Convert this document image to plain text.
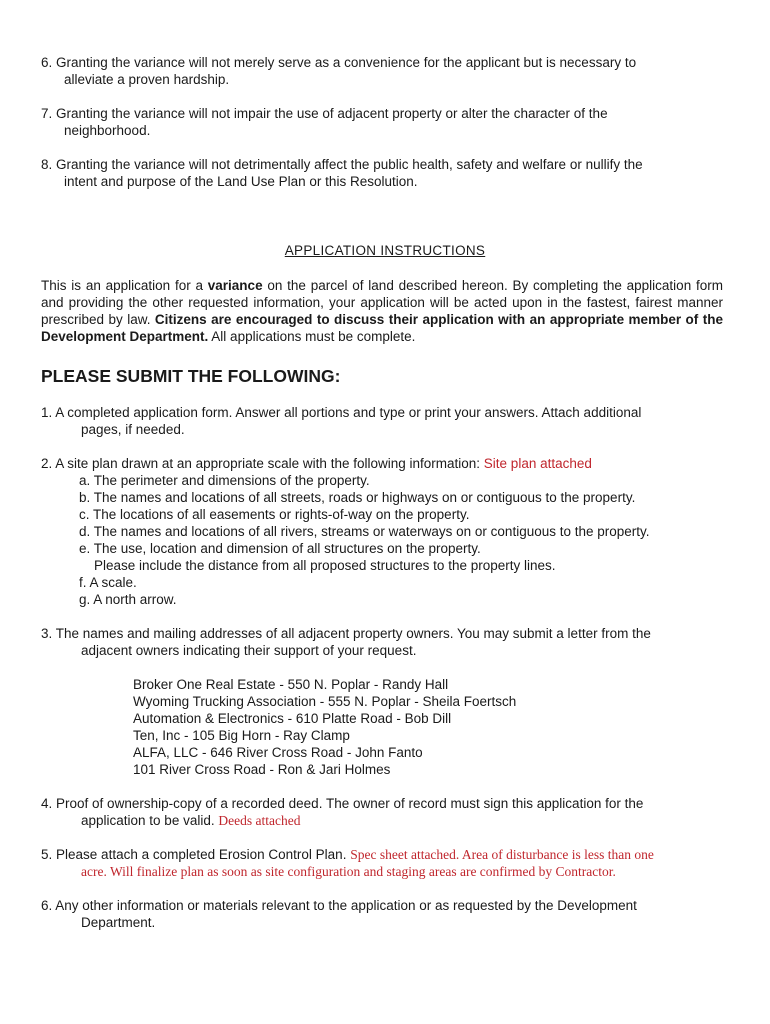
6. Granting the variance will not merely serve as a convenience for the applicant but is necessary to
alleviate a proven hardship.
7. Granting the variance will not impair the use of adjacent property or alter the character of the
neighborhood.
8. Granting the variance will not detrimentally affect the public health, safety and welfare or nullify the
intent and purpose of the Land Use Plan or this Resolution.
APPLICATION INSTRUCTIONS
This is an application for a variance on the parcel of land described hereon. By completing the application form and providing the other requested information, your application will be acted upon in the fastest, fairest manner prescribed by law. Citizens are encouraged to discuss their application with an appropriate member of the Development Department. All applications must be complete.
PLEASE SUBMIT THE FOLLOWING:
1. A completed application form. Answer all portions and type or print your answers. Attach additional
pages, if needed.
2. A site plan drawn at an appropriate scale with the following information: Site plan attached
a. The perimeter and dimensions of the property.
b. The names and locations of all streets, roads or highways on or contiguous to the property.
c. The locations of all easements or rights-of-way on the property.
d. The names and locations of all rivers, streams or waterways on or contiguous to the property.
e. The use, location and dimension of all structures on the property.
Please include the distance from all proposed structures to the property lines.
f. A scale.
g. A north arrow.
3. The names and mailing addresses of all adjacent property owners. You may submit a letter from the
adjacent owners indicating their support of your request.
Broker One Real Estate - 550 N. Poplar - Randy Hall
Wyoming Trucking Association - 555 N. Poplar - Sheila Foertsch
Automation & Electronics - 610 Platte Road - Bob Dill
Ten, Inc - 105 Big Horn - Ray Clamp
ALFA, LLC - 646 River Cross Road - John Fanto
101 River Cross Road - Ron & Jari Holmes
4. Proof of ownership-copy of a recorded deed. The owner of record must sign this application for the
application to be valid. Deeds attached
5. Please attach a completed Erosion Control Plan. Spec sheet attached. Area of disturbance is less than one
acre. Will finalize plan as soon as site configuration and staging areas are confirmed by Contractor.
6. Any other information or materials relevant to the application or as requested by the Development
Department.
